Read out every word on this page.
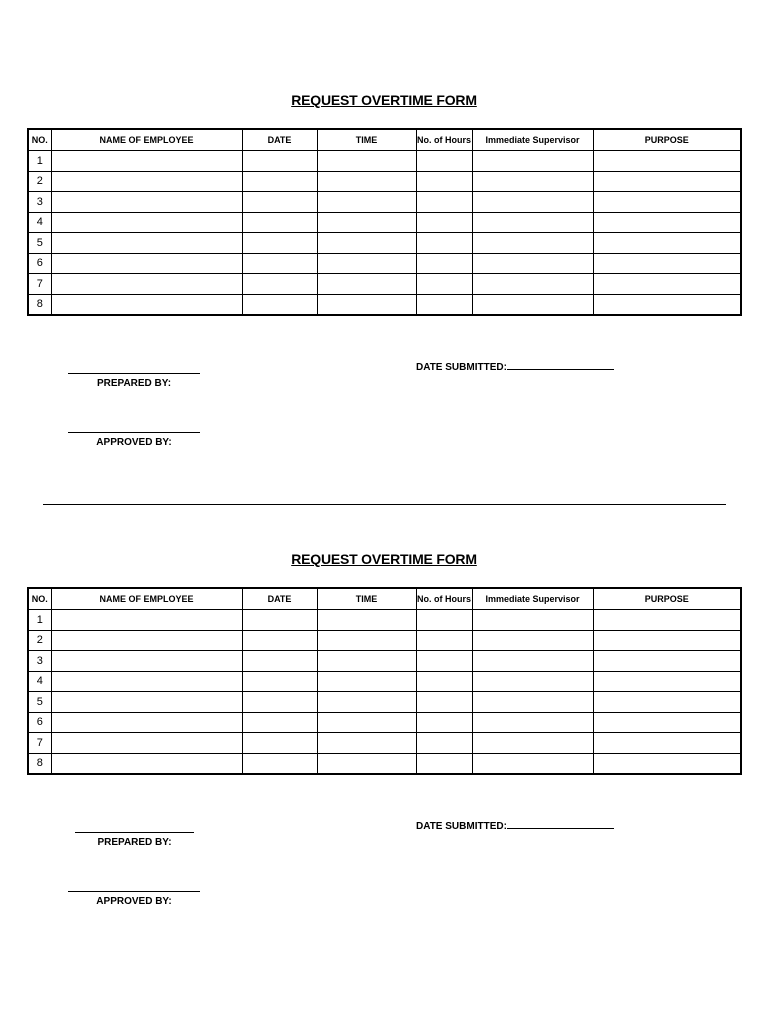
REQUEST OVERTIME FORM
NO.	NAME OF EMPLOYEE	DATE	TIME	No. of Hours	Immediate Supervisor	PURPOSE
1						
2						
3						
4						
5						
6						
7						
8						
PREPARED BY:
DATE SUBMITTED:
APPROVED BY:
REQUEST OVERTIME FORM
NO.	NAME OF EMPLOYEE	DATE	TIME	No. of Hours	Immediate Supervisor	PURPOSE
1						
2						
3						
4						
5						
6						
7						
8						
PREPARED BY:
DATE SUBMITTED:
APPROVED BY:
